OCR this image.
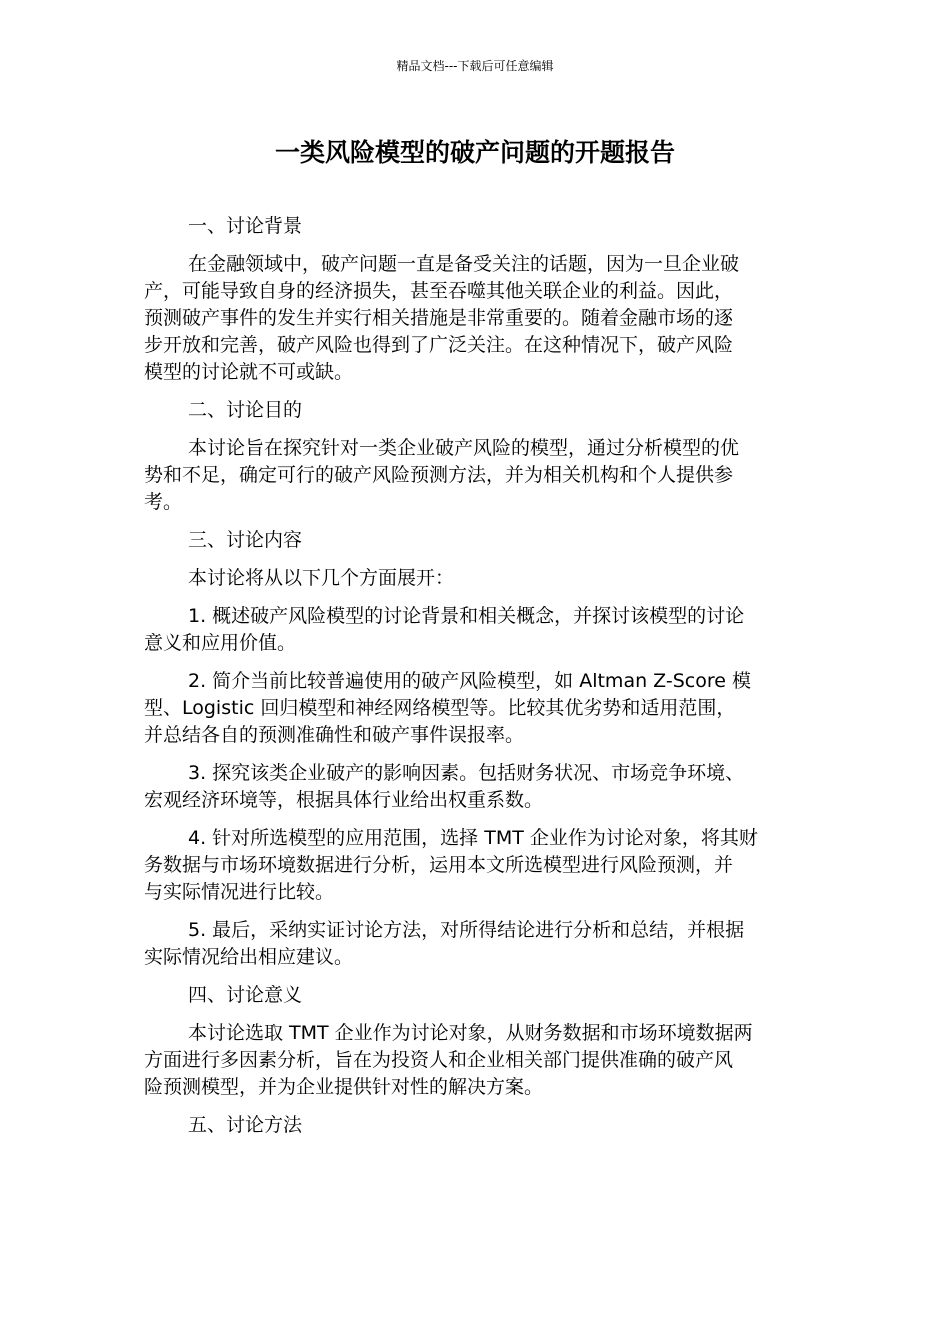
精品文档---下载后可任意编辑
一类风险模型的破产问题的开题报告

一、讨论背景

在金融领域中，破产问题一直是备受关注的话题，因为一旦企业破
产，可能导致自身的经济损失，甚至吞噬其他关联企业的利益。因此，
预测破产事件的发生并实行相关措施是非常重要的。随着金融市场的逐
步开放和完善，破产风险也得到了广泛关注。在这种情况下，破产风险
模型的讨论就不可或缺。

二、讨论目的

本讨论旨在探究针对一类企业破产风险的模型，通过分析模型的优
势和不足，确定可行的破产风险预测方法，并为相关机构和个人提供参
考。

三、讨论内容

本讨论将从以下几个方面展开：
1. 概述破产风险模型的讨论背景和相关概念，并探讨该模型的讨论
意义和应用价值。
2. 简介当前比较普遍使用的破产风险模型，如 Altman Z-Score 模
型、Logistic 回归模型和神经网络模型等。比较其优劣势和适用范围，
并总结各自的预测准确性和破产事件误报率。
3. 探究该类企业破产的影响因素。包括财务状况、市场竞争环境、
宏观经济环境等，根据具体行业给出权重系数。
4. 针对所选模型的应用范围，选择 TMT 企业作为讨论对象，将其财
务数据与市场环境数据进行分析，运用本文所选模型进行风险预测，并
与实际情况进行比较。
5. 最后，采纳实证讨论方法，对所得结论进行分析和总结，并根据
实际情况给出相应建议。

四、讨论意义

本讨论选取 TMT 企业作为讨论对象，从财务数据和市场环境数据两
方面进行多因素分析，旨在为投资人和企业相关部门提供准确的破产风
险预测模型，并为企业提供针对性的解决方案。

五、讨论方法
